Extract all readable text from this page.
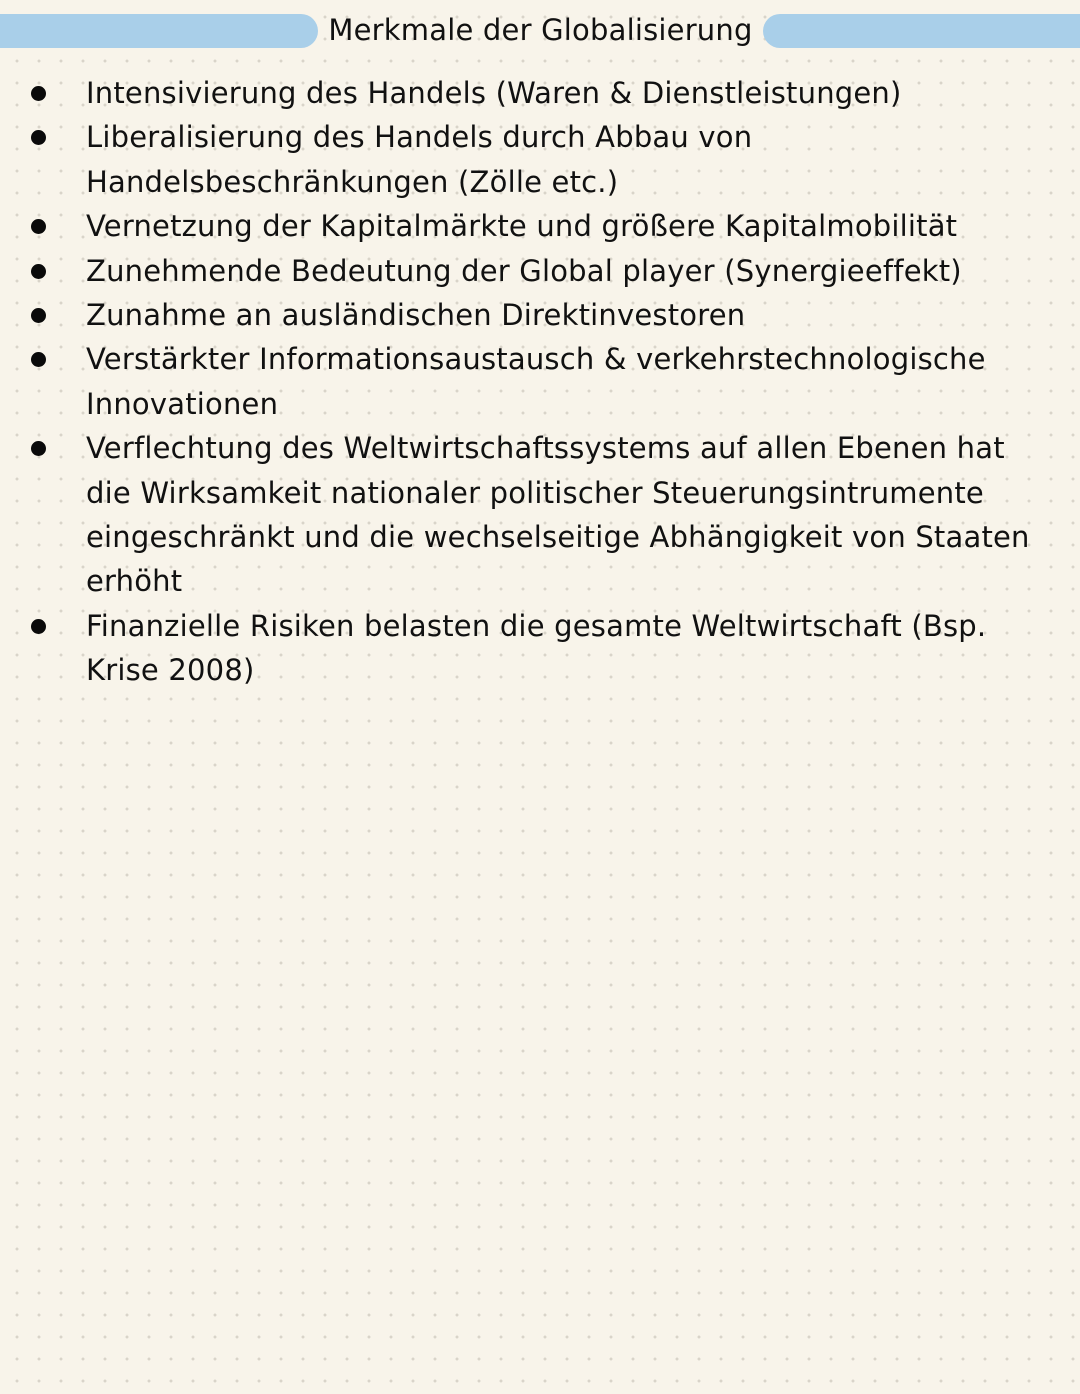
Merkmale der Globalisierung
Intensivierung des Handels (Waren & Dienstleistungen)
Liberalisierung des Handels durch Abbau von
Handelsbeschränkungen (Zölle etc.)
Vernetzung der Kapitalmärkte und größere Kapitalmobilität
Zunehmende Bedeutung der Global player (Synergieeffekt)
Zunahme an ausländischen Direktinvestoren
Verstärkter Informationsaustausch & verkehrstechnologische
Innovationen
Verflechtung des Weltwirtschaftssystems auf allen Ebenen hat
die Wirksamkeit nationaler politischer Steuerungsintrumente
eingeschränkt und die wechselseitige Abhängigkeit von Staaten
erhöht
Finanzielle Risiken belasten die gesamte Weltwirtschaft (Bsp.
Krise 2008)
